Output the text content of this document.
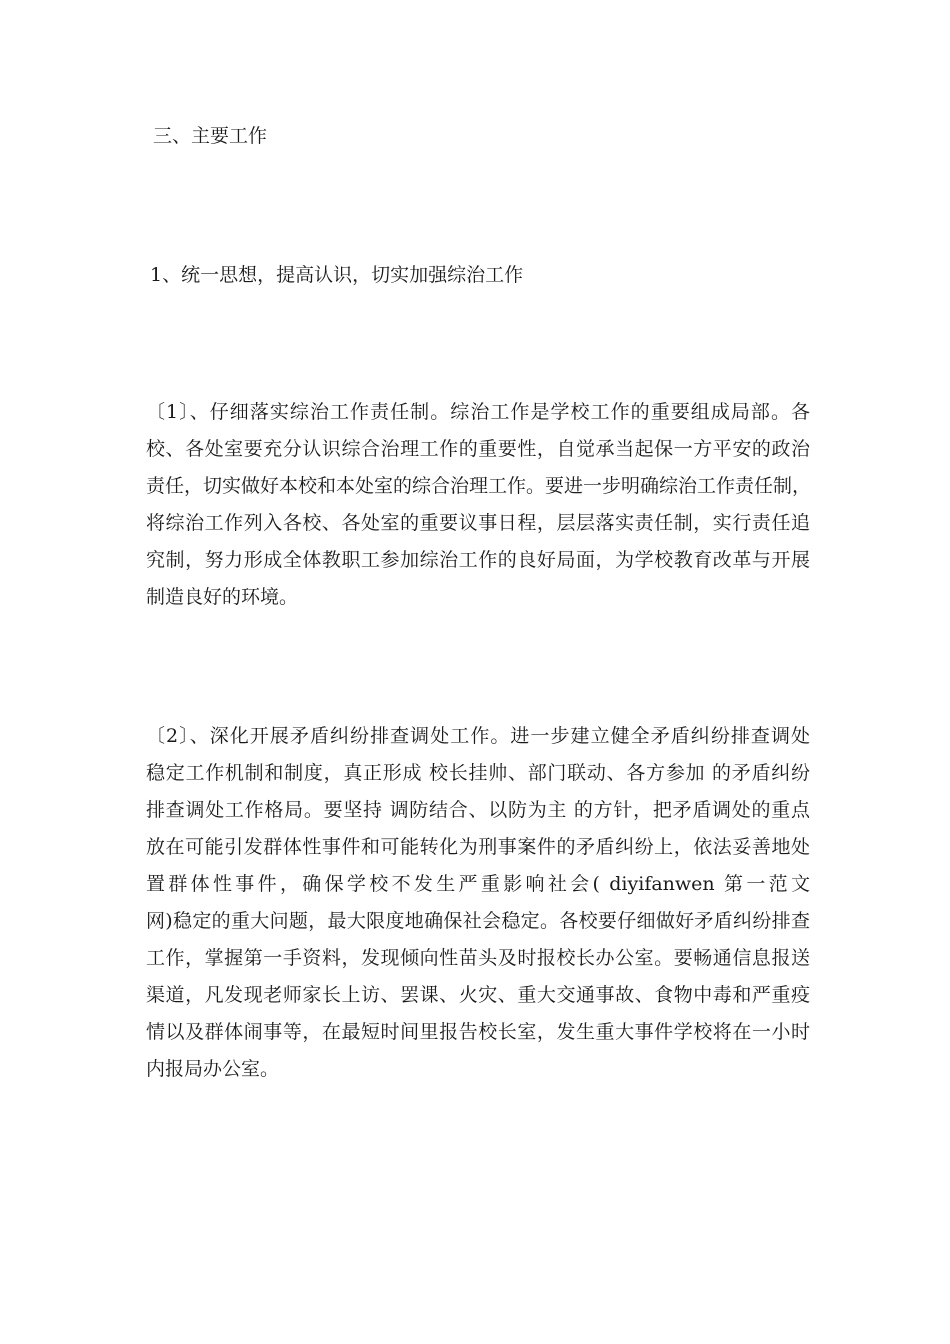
三、主要工作
1、统一思想，提高认识，切实加强综治工作

〔1〕、仔细落实综治工作责任制。综治工作是学校工作的重要组成局部。各
校、各处室要充分认识综合治理工作的重要性，自觉承当起保一方平安的政治
责任，切实做好本校和本处室的综合治理工作。要进一步明确综治工作责任制，
将综治工作列入各校、各处室的重要议事日程，层层落实责任制，实行责任追
究制，努力形成全体教职工参加综治工作的良好局面，为学校教育改革与开展
制造良好的环境。

〔2〕、深化开展矛盾纠纷排查调处工作。进一步建立健全矛盾纠纷排查调处
稳定工作机制和制度，真正形成 校长挂帅、部门联动、各方参加 的矛盾纠纷
排查调处工作格局。要坚持 调防结合、以防为主 的方针，把矛盾调处的重点
放在可能引发群体性事件和可能转化为刑事案件的矛盾纠纷上，依法妥善地处
置群体性事件，确保学校不发生严重影响社会( diyifanwen 第一范文
网)稳定的重大问题，最大限度地确保社会稳定。各校要仔细做好矛盾纠纷排查
工作，掌握第一手资料，发现倾向性苗头及时报校长办公室。要畅通信息报送
渠道，凡发现老师家长上访、罢课、火灾、重大交通事故、食物中毒和严重疫
情以及群体闹事等，在最短时间里报告校长室，发生重大事件学校将在一小时
内报局办公室。
